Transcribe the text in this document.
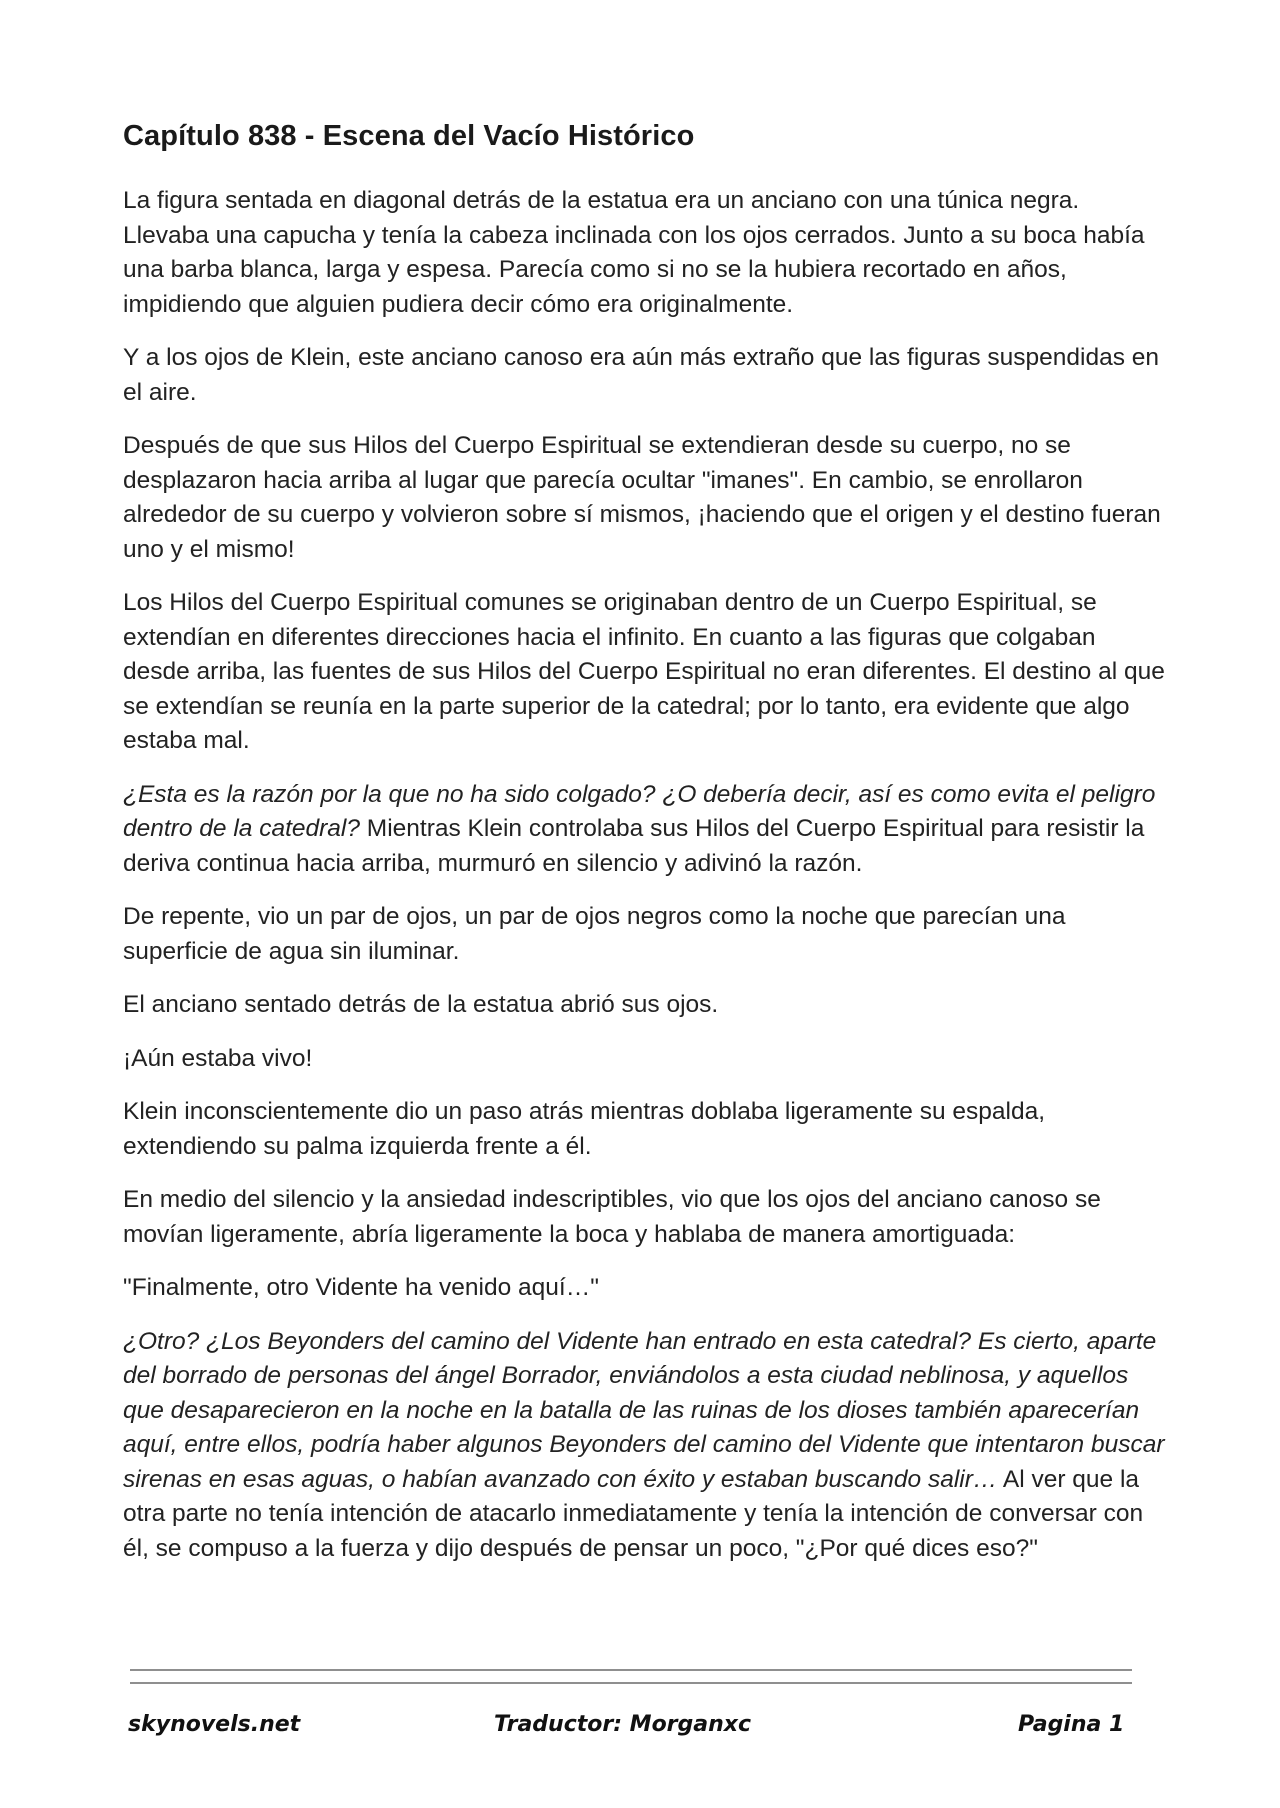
Capítulo 838 - Escena del Vacío Histórico

La figura sentada en diagonal detrás de la estatua era un anciano con una túnica negra. Llevaba una capucha y tenía la cabeza inclinada con los ojos cerrados. Junto a su boca había una barba blanca, larga y espesa. Parecía como si no se la hubiera recortado en años, impidiendo que alguien pudiera decir cómo era originalmente.

Y a los ojos de Klein, este anciano canoso era aún más extraño que las figuras suspendidas en el aire.

Después de que sus Hilos del Cuerpo Espiritual se extendieran desde su cuerpo, no se desplazaron hacia arriba al lugar que parecía ocultar "imanes". En cambio, se enrollaron alrededor de su cuerpo y volvieron sobre sí mismos, ¡haciendo que el origen y el destino fueran uno y el mismo!

Los Hilos del Cuerpo Espiritual comunes se originaban dentro de un Cuerpo Espiritual, se extendían en diferentes direcciones hacia el infinito. En cuanto a las figuras que colgaban desde arriba, las fuentes de sus Hilos del Cuerpo Espiritual no eran diferentes. El destino al que se extendían se reunía en la parte superior de la catedral; por lo tanto, era evidente que algo estaba mal.

¿Esta es la razón por la que no ha sido colgado? ¿O debería decir, así es como evita el peligro dentro de la catedral? Mientras Klein controlaba sus Hilos del Cuerpo Espiritual para resistir la deriva continua hacia arriba, murmuró en silencio y adivinó la razón.

De repente, vio un par de ojos, un par de ojos negros como la noche que parecían una superficie de agua sin iluminar.

El anciano sentado detrás de la estatua abrió sus ojos.

¡Aún estaba vivo!

Klein inconscientemente dio un paso atrás mientras doblaba ligeramente su espalda, extendiendo su palma izquierda frente a él.

En medio del silencio y la ansiedad indescriptibles, vio que los ojos del anciano canoso se movían ligeramente, abría ligeramente la boca y hablaba de manera amortiguada:

"Finalmente, otro Vidente ha venido aquí…"

¿Otro? ¿Los Beyonders del camino del Vidente han entrado en esta catedral? Es cierto, aparte del borrado de personas del ángel Borrador, enviándolos a esta ciudad neblinosa, y aquellos que desaparecieron en la noche en la batalla de las ruinas de los dioses también aparecerían aquí, entre ellos, podría haber algunos Beyonders del camino del Vidente que intentaron buscar sirenas en esas aguas, o habían avanzado con éxito y estaban buscando salir… Al ver que la otra parte no tenía intención de atacarlo inmediatamente y tenía la intención de conversar con él, se compuso a la fuerza y dijo después de pensar un poco, "¿Por qué dices eso?"

skynovels.net	Traductor: Morganxc	Pagina 1
